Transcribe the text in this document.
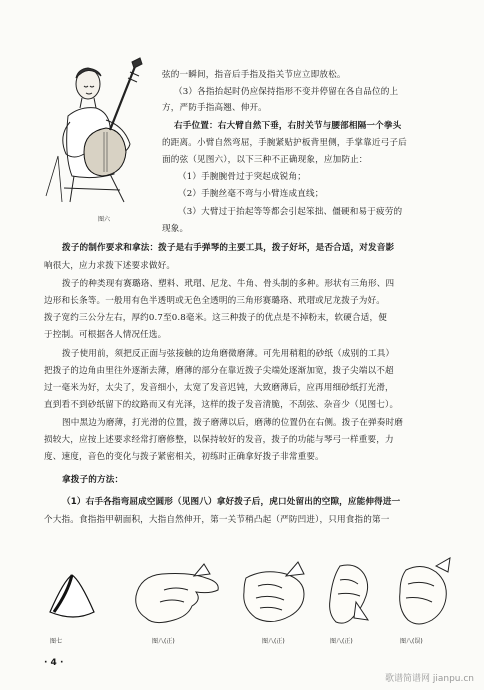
图六
弦的一瞬间，指音后手指及指关节应立即放松。
（3）各指抬起时仍应保持指形不变并停留在各自品位的上
方，严防手指高翘、伸开。
右手位置：右大臂自然下垂，右肘关节与腰部相隔一个拳头
的距离。小臂自然弯屈，手腕紧贴护板背里侧，手掌靠近弓子后
面的弦（见图六），以下三种不正确现象，应加防止：
（1）手腕腕骨过于突起成锐角；
（2）手腕丝毫不弯与小臂连成直线；
（3）大臂过于抬起等等都会引起笨拙、僵硬和易于疲劳的
现象。
拨子的制作要求和拿法：拨子是右手弹琴的主要工具，拨子好坏，是否合适，对发音影
响很大，应力求拨下述要求做好。
拨子的种类现有赛璐珞、塑料、玳瑁、尼龙、牛角、骨头制的多种。形状有三角形、四
边形和长条等。一般用有色半透明或无色全透明的三角形赛璐珞、玳瑁或尼龙拨子为好。
拨子宽约三公分左右，厚约0.7至0.8毫米。这三种拨子的优点是不掉粉末，软硬合适，便
于控制。可根据各人情况任选。
拨子使用前，须把反正面与弦接触的边角磨微磨薄。可先用稍粗的砂纸（成别的工具）
把拨子的边角由里往外逐渐去薄，磨薄的部分在靠近拨子尖端处逐渐加宽，拨子尖端以不超
过一毫米为好，太尖了，发音细小，太宽了发音迟钝，大致磨薄后，应再用细砂纸打光滑，
直到看不到砂纸留下的纹路而又有光泽，这样的拨子发音清脆，不刮弦、杂音少（见图七）。
图中黑边为磨薄，打光滑的位置，拨子磨薄以后，磨薄的位置仍在右侧。拨子在弹奏时磨
损较大，应按上述要求经常打磨修整，以保持较好的发音，拨子的功能与琴弓一样重要，力
度、速度，音色的变化与拨子紧密相关，初练时正确拿好拨子非常重要。
拿拨子的方法：
（1）右手各指弯屈成空圆形（见图八）拿好拨子后，虎口处留出的空隙，应能伸得进一
个大指。食指指甲朝面积，大指自然伸开，第一关节稍凸起（严防凹进），只用食指的第一
图七	图八(正)	图八(正)	图八(正)	图八(误)
· 4 ·
歌谱简谱网 jianpu.cn
